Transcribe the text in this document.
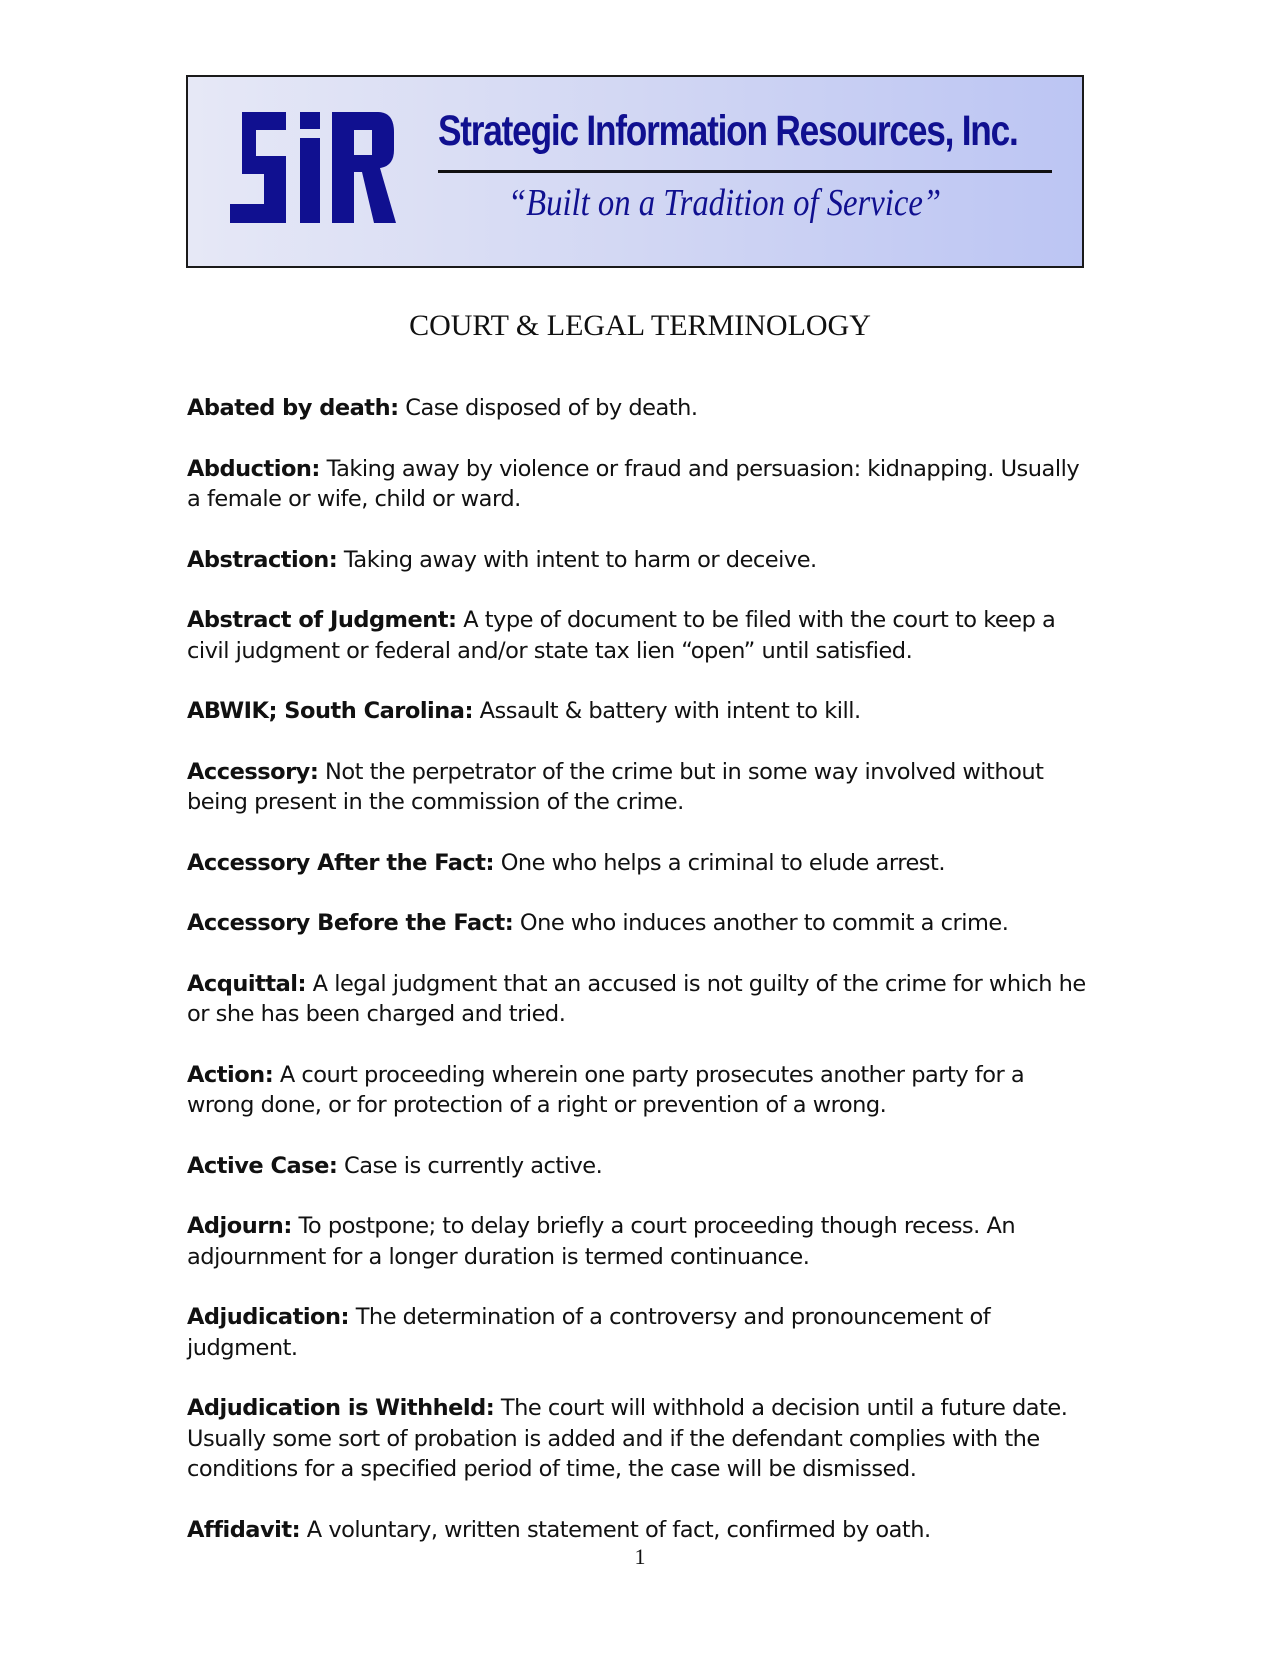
Strategic Information Resources, Inc.
“Built on a Tradition of Service”
COURT & LEGAL TERMINOLOGY
Abated by death: Case disposed of by death.
Abduction: Taking away by violence or fraud and persuasion: kidnapping. Usually a female or wife, child or ward.
Abstraction: Taking away with intent to harm or deceive.
Abstract of Judgment: A type of document to be filed with the court to keep a civil judgment or federal and/or state tax lien “open” until satisfied.
ABWIK; South Carolina: Assault & battery with intent to kill.
Accessory: Not the perpetrator of the crime but in some way involved without being present in the commission of the crime.
Accessory After the Fact: One who helps a criminal to elude arrest.
Accessory Before the Fact: One who induces another to commit a crime.
Acquittal: A legal judgment that an accused is not guilty of the crime for which he or she has been charged and tried.
Action: A court proceeding wherein one party prosecutes another party for a wrong done, or for protection of a right or prevention of a wrong.
Active Case: Case is currently active.
Adjourn: To postpone; to delay briefly a court proceeding though recess. An adjournment for a longer duration is termed continuance.
Adjudication: The determination of a controversy and pronouncement of judgment.
Adjudication is Withheld: The court will withhold a decision until a future date. Usually some sort of probation is added and if the defendant complies with the conditions for a specified period of time, the case will be dismissed.
Affidavit: A voluntary, written statement of fact, confirmed by oath.
1
